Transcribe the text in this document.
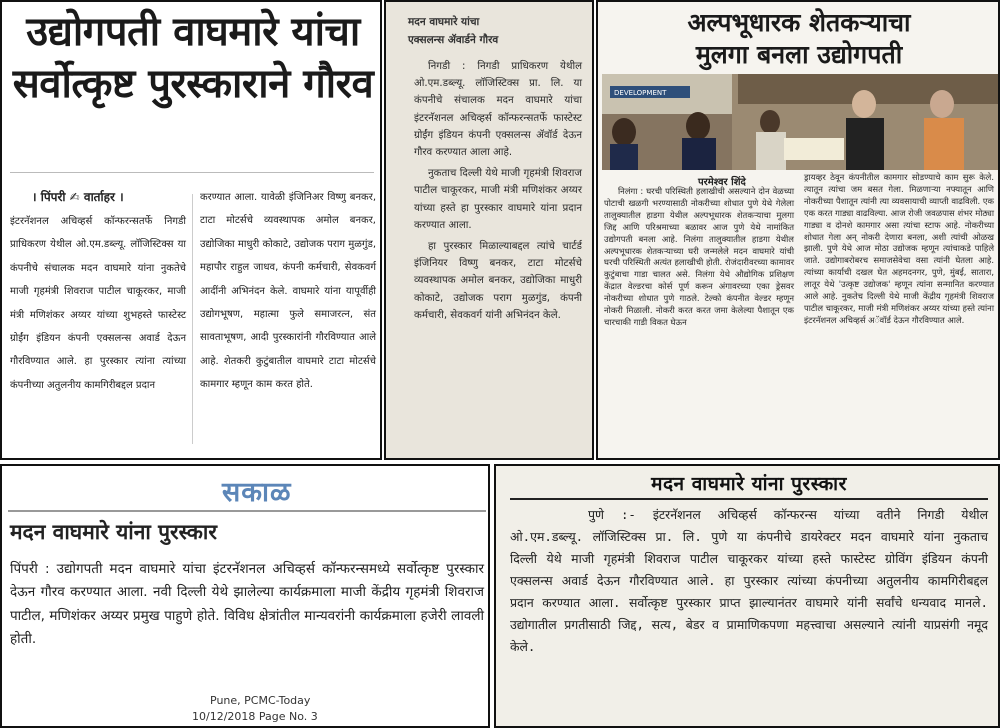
उद्योगपती वाघमारे यांचा
सर्वोत्कृष्ट पुरस्काराने गौरव
। पिंपरी ✍ वार्ताहर ।
इंटरनॅशनल अचिव्हर्स कॉन्फरन्सतर्फे निगडी प्राधिकरण येथील ओ.एम.डब्ल्यू. लॉजिस्टिक्स या कंपनीचे संचालक मदन वाघमारे यांना नुकतेचे माजी गृहमंत्री शिवराज पाटील चाकूरकर, माजी मंत्री मणिशंकर अय्यर यांच्या शुभहस्ते फास्टेस्ट ग्रोईंग इंडियन कंपनी एक्सलन्स अवार्ड देऊन गौरविण्यात आले. हा पुरस्कार त्यांना त्यांच्या कंपनीच्या अतुलनीय कामगिरीबद्दल प्रदान
करण्यात आला. यावेळी इंजिनिअर विष्णु बनकर, टाटा मोटर्सचे व्यवस्थापक अमोल बनकर, उद्योजिका माधुरी कोकाटे, उद्योजक पराग मुळगुंड, महापौर राहुल जाधव, कंपनी कर्मचारी, सेवकवर्ग आदींनी अभिनंदन केले. वाघमारे यांना यापूर्वीही उद्योगभूषण, महात्मा फुले समाजरत्न, संत सावताभूषण, आदी पुरस्कारांनी गौरविण्यात आले आहे. शेतकरी कुटुंबातील वाघमारे टाटा मोटर्सचे कामगार म्हणून काम करत होते.
मदन वाघमारे यांचा
एक्सलन्स ॲवार्डने गौरव

निगडी : निगडी प्राधिकरण येथील ओ.एम.डब्ल्यू. लॉजिस्टिक्स प्रा. लि. या कंपनीचे संचालक मदन वाघमारे यांचा इंटरनॅशनल अचिव्हर्स कॉन्फरन्सतर्फे फास्टेस्ट ग्रोईंग इंडियन कंपनी एक्सलन्स ॲवॉर्ड देऊन गौरव करण्यात आला आहे.

नुकताच दिल्ली येथे माजी गृहमंत्री शिवराज पाटील चाकूरकर, माजी मंत्री मणिशंकर अय्यर यांच्या हस्ते हा पुरस्कार वाघमारे यांना प्रदान करण्यात आला.

हा पुरस्कार मिळाल्याबद्दल त्यांचे चार्टर्ड इंजिनियर विष्णु बनकर, टाटा मोटर्सचे व्यवस्थापक अमोल बनकर, उद्योजिका माधुरी कोकाटे, उद्योजक पराग मुळगुंड, कंपनी कर्मचारी, सेवकवर्ग यांनी अभिनंदन केले.

अल्पभूधारक शेतकऱ्याचा
मुलगा बनला उद्योगपती
DEVELOPMENT
परमेश्वर शिंदे

निलंगा : घरची परिस्थिती हलाखीची असल्याने दोन वेळच्या पोटाची खळगी भरण्यासाठी नोकरीच्या शोधात पुणे येथे गेलेला तालुक्यातील हाडगा येथील अल्पभूधारक शेतकऱ्याचा मुलगा जिद्द आणि परिश्रमाच्या बळावर आज पुणे येथे नामांकित उद्योगपती बनला आहे. निलंगा तालुक्यातील हाडगा येथील अल्पभूधारक शेतकऱ्याच्या घरी जन्मलेले मदन वाघमारे यांची घरची परिस्थिती अत्यंत हलाखीची होती. रोजंदारीवरच्या कामावर कुटुंबाचा गाडा चालत असे. निलंगा येथे औद्योगिक प्रशिक्षण केंद्रात वेल्डरचा कोर्स पूर्ण करून अंगावरच्या एका ड्रेसवर नोकरीच्या शोधात पुणे गाठले. टेल्को कंपनीत वेल्डर म्हणून नोकरी मिळाली. नोकरी करत करत जमा केलेल्या पैशातून एक चारचाकी गाडी विकत घेऊन

ड्रायव्हर ठेवून कंपनीतील कामगार सोडण्याचे काम सुरू केले. त्यातून त्यांचा जम बसत गेला. मिळणाऱ्या नफ्यातून आणि नोकरीच्या पैशातून त्यांनी त्या व्यवसायाची व्याप्ती वाढविली. एक एक करत गाड्या वाढविल्या. आज रोजी जवळपास शंभर मोठ्या गाड्या व दोनशे कामगार असा त्यांचा स्टाफ आहे. नोकरीच्या शोधात गेला अन् नोकरी देणारा बनला, अशी त्यांची ओळख झाली. पुणे येथे आज मोठा उद्योजक म्हणून त्यांचाकडे पाहिले जाते. उद्योगाबरोबरच समाजसेवेचा वसा त्यांनी घेतला आहे. त्यांच्या कार्याची दखल घेत अहमदनगर, पुणे, मुंबई, सातारा, लातूर येथे 'उत्कृष्ट उद्योजक' म्हणून त्यांना सन्मानित करण्यात आले आहे. नुकतेच दिल्ली येथे माजी केंद्रीय गृहमंत्री शिवराज पाटील चाकूरकर, माजी मंत्री मणिशंकर अय्यर यांच्या हस्ते त्यांना इंटरनॅशनल अचिव्हर्स अॅवॉर्ड देऊन गौरविण्यात आले.

सकाळ
मदन वाघमारे यांना पुरस्कार
पिंपरी : उद्योगपती मदन वाघमारे यांचा इंटरनॅशनल अचिव्हर्स कॉन्फरन्समध्ये सर्वोत्कृष्ट पुरस्कार देऊन गौरव करण्यात आला. नवी दिल्ली येथे झालेल्या कार्यक्रमाला माजी केंद्रीय गृहमंत्री शिवराज पाटील, मणिशंकर अय्यर प्रमुख पाहुणे होते. विविध क्षेत्रांतील मान्यवरांनी कार्यक्रमाला हजेरी लावली होती.
Pune, PCMC-Today
10/12/2018 Page No. 3
मदन वाघमारे यांना पुरस्कार
पुणे :- इंटरनॅशनल अचिव्हर्स कॉन्फरन्स यांच्या वतीने निगडी येथील ओ.एम.डब्ल्यू. लॉजिस्टिक्स प्रा. लि. पुणे या कंपनीचे डायरेक्टर मदन वाघमारे यांना नुकताच दिल्ली येथे माजी गृहमंत्री शिवराज पाटील चाकूरकर यांच्या हस्ते फास्टेस्ट ग्रोविंग इंडियन कंपनी एक्सलन्स अवार्ड देऊन गौरविण्यात आले. हा पुरस्कार त्यांच्या कंपनीच्या अतुलनीय कामगिरीबद्दल प्रदान करण्यात आला. सर्वोत्कृष्ट पुरस्कार प्राप्त झाल्यानंतर वाघमारे यांनी सर्वांचे धन्यवाद मानले. उद्योगातील प्रगतीसाठी जिद्द, सत्य, बेडर व प्रामाणिकपणा महत्त्वाचा असल्याने त्यांनी याप्रसंगी नमूद केले.
